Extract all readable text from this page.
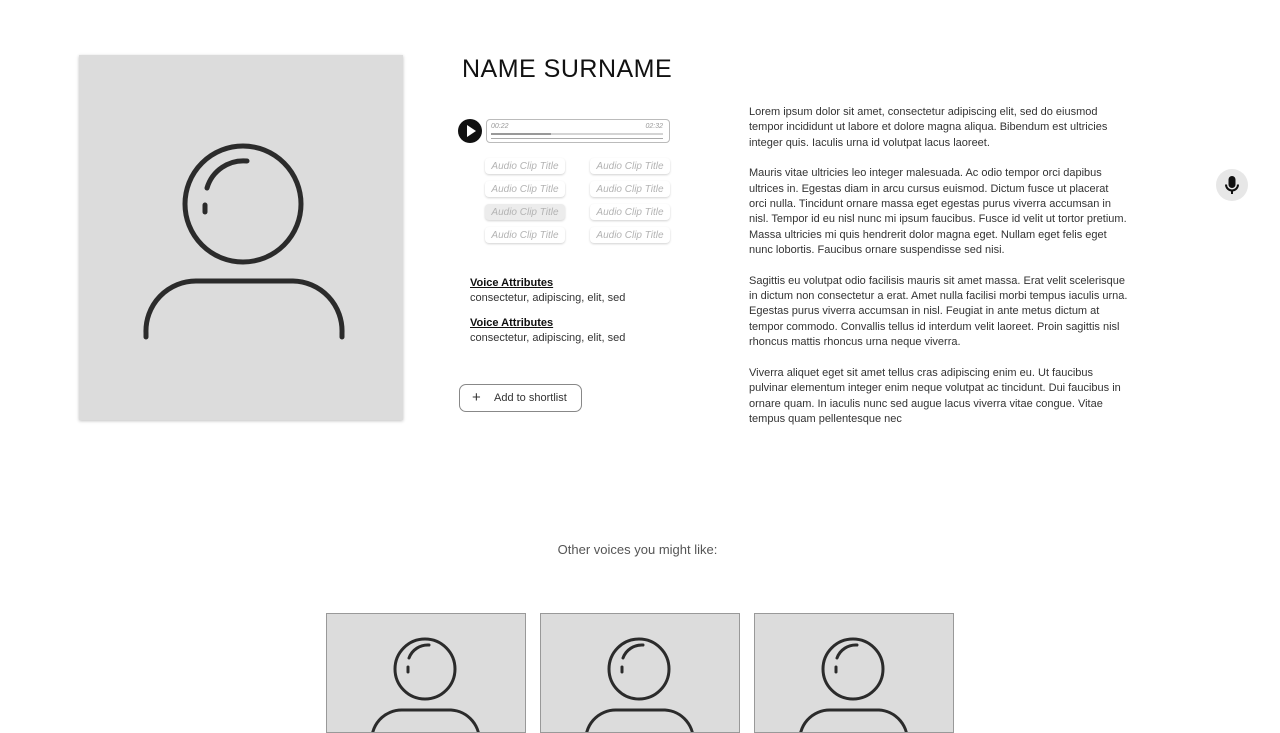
NAME SURNAME
00:22	02:32
Audio Clip Title	Audio Clip Title
Audio Clip Title	Audio Clip Title
Audio Clip Title	Audio Clip Title
Audio Clip Title	Audio Clip Title
Voice Attributes
consectetur, adipiscing, elit, sed
Voice Attributes
consectetur, adipiscing, elit, sed
+ Add to shortlist

Lorem ipsum dolor sit amet, consectetur adipiscing elit, sed do eiusmod tempor incididunt ut labore et dolore magna aliqua. Bibendum est ultricies integer quis. Iaculis urna id volutpat lacus laoreet.

Mauris vitae ultricies leo integer malesuada. Ac odio tempor orci dapibus ultrices in. Egestas diam in arcu cursus euismod. Dictum fusce ut placerat orci nulla. Tincidunt ornare massa eget egestas purus viverra accumsan in nisl. Tempor id eu nisl nunc mi ipsum faucibus. Fusce id velit ut tortor pretium. Massa ultricies mi quis hendrerit dolor magna eget. Nullam eget felis eget nunc lobortis. Faucibus ornare suspendisse sed nisi.

Sagittis eu volutpat odio facilisis mauris sit amet massa. Erat velit scelerisque in dictum non consectetur a erat. Amet nulla facilisi morbi tempus iaculis urna. Egestas purus viverra accumsan in nisl. Feugiat in ante metus dictum at tempor commodo. Convallis tellus id interdum velit laoreet. Proin sagittis nisl rhoncus mattis rhoncus urna neque viverra.

Viverra aliquet eget sit amet tellus cras adipiscing enim eu. Ut faucibus pulvinar elementum integer enim neque volutpat ac tincidunt. Dui faucibus in ornare quam. In iaculis nunc sed augue lacus viverra vitae congue. Vitae tempus quam pellentesque nec

Other voices you might like:
